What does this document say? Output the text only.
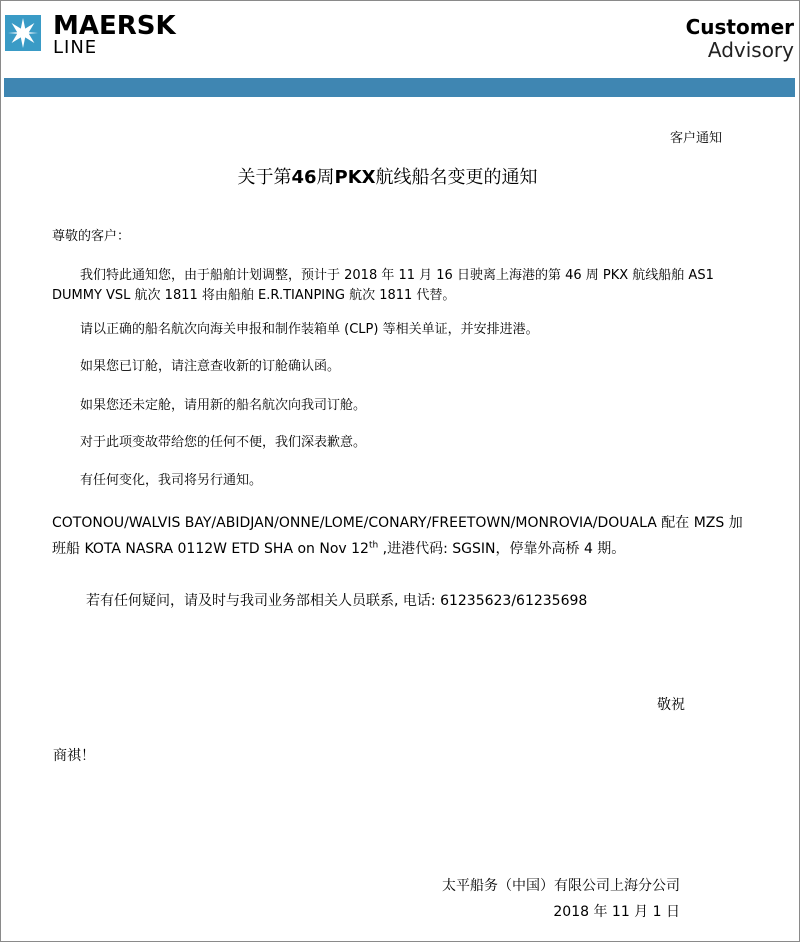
MAERSK
LINE
Customer
Advisory
客户通知
关于第46周PKX航线船名变更的通知
尊敬的客户：
我们特此通知您，由于船舶计划调整，预计于 2018 年 11 月 16 日驶离上海港的第 46 周 PKX 航线船舶 AS1 DUMMY VSL 航次 1811 将由船舶 E.R.TIANPING 航次 1811 代替。
请以正确的船名航次向海关申报和制作装箱单 (CLP) 等相关单证，并安排进港。
如果您已订舱，请注意查收新的订舱确认函。
如果您还未定舱，请用新的船名航次向我司订舱。
对于此项变故带给您的任何不便，我们深表歉意。
有任何变化，我司将另行通知。
COTONOU/WALVIS BAY/ABIDJAN/ONNE/LOME/CONARY/FREETOWN/MONROVIA/DOUALA 配在 MZS 加班船 KOTA NASRA 0112W ETD SHA on Nov 12th ,进港代码: SGSIN，停靠外高桥 4 期。
若有任何疑问，请及时与我司业务部相关人员联系, 电话: 61235623/61235698
敬祝
商祺！
太平船务（中国）有限公司上海分公司
2018 年 11 月 1 日
